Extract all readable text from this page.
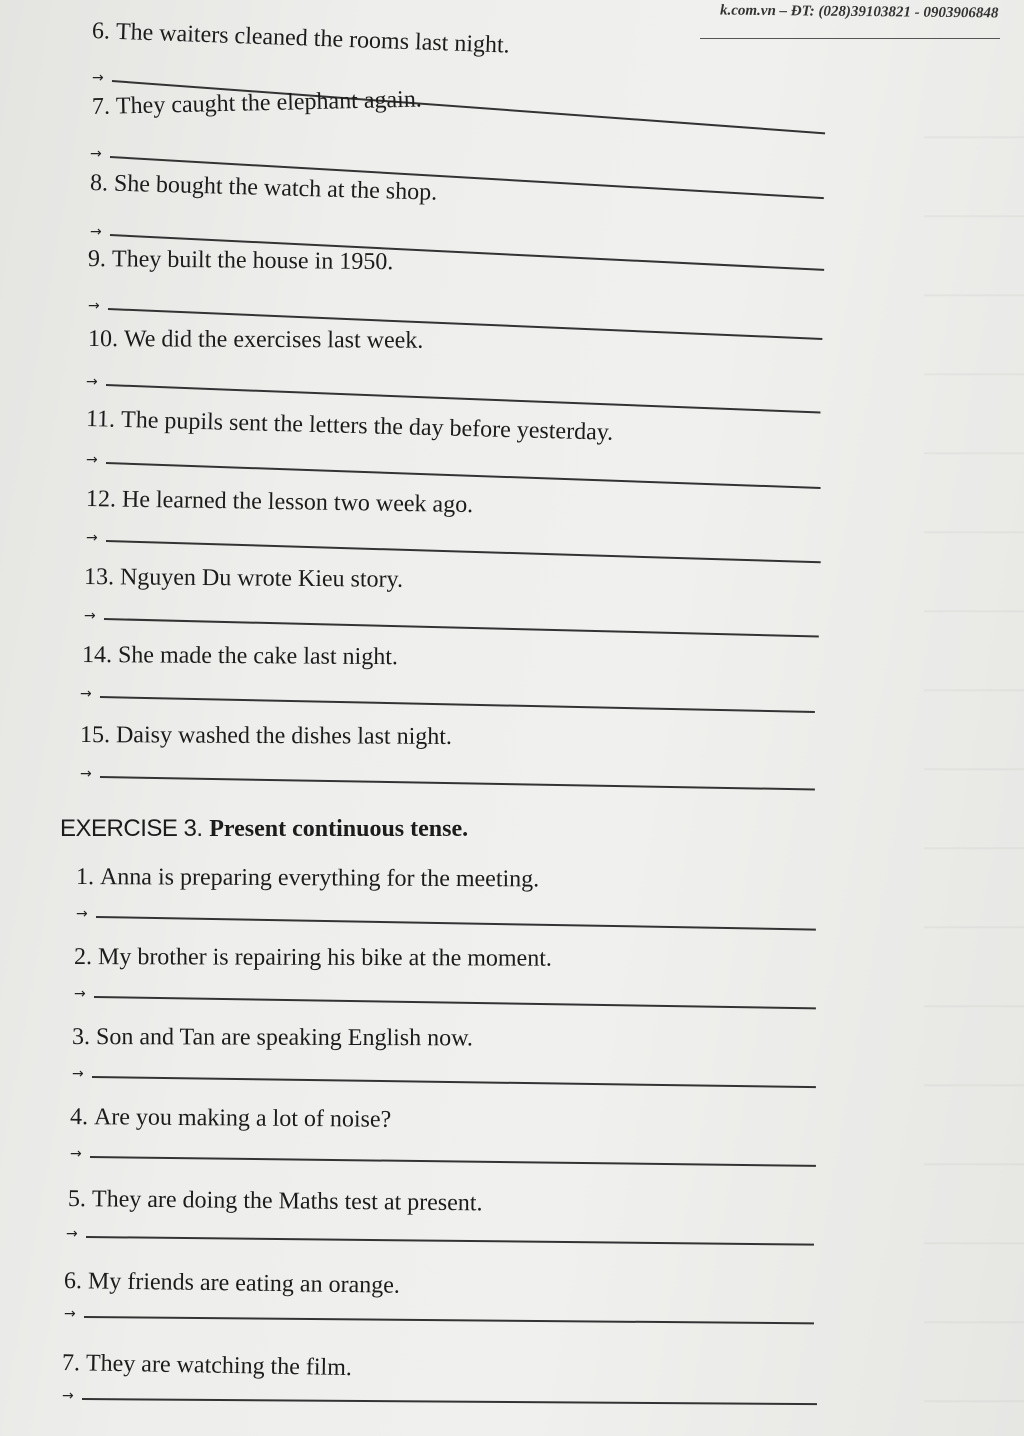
k.com.vn – ĐT: (028)39103821 - 0903906848
6. The waiters cleaned the rooms last night.
→
7. They caught the elephant again.
→
8. She bought the watch at the shop.
→
9. They built the house in 1950.
→
10. We did the exercises last week.
→
11. The pupils sent the letters the day before yesterday.
→
12. He learned the lesson two week ago.
→
13. Nguyen Du wrote Kieu story.
→
14. She made the cake last night.
→
15. Daisy washed the dishes last night.
→
EXERCISE 3. Present continuous tense.
1. Anna is preparing everything for the meeting.
→
2. My brother is repairing his bike at the moment.
→
3. Son and Tan are speaking English now.
→
4. Are you making a lot of noise?
→
5. They are doing the Maths test at present.
→
6. My friends are eating an orange.
→
7. They are watching the film.
→
